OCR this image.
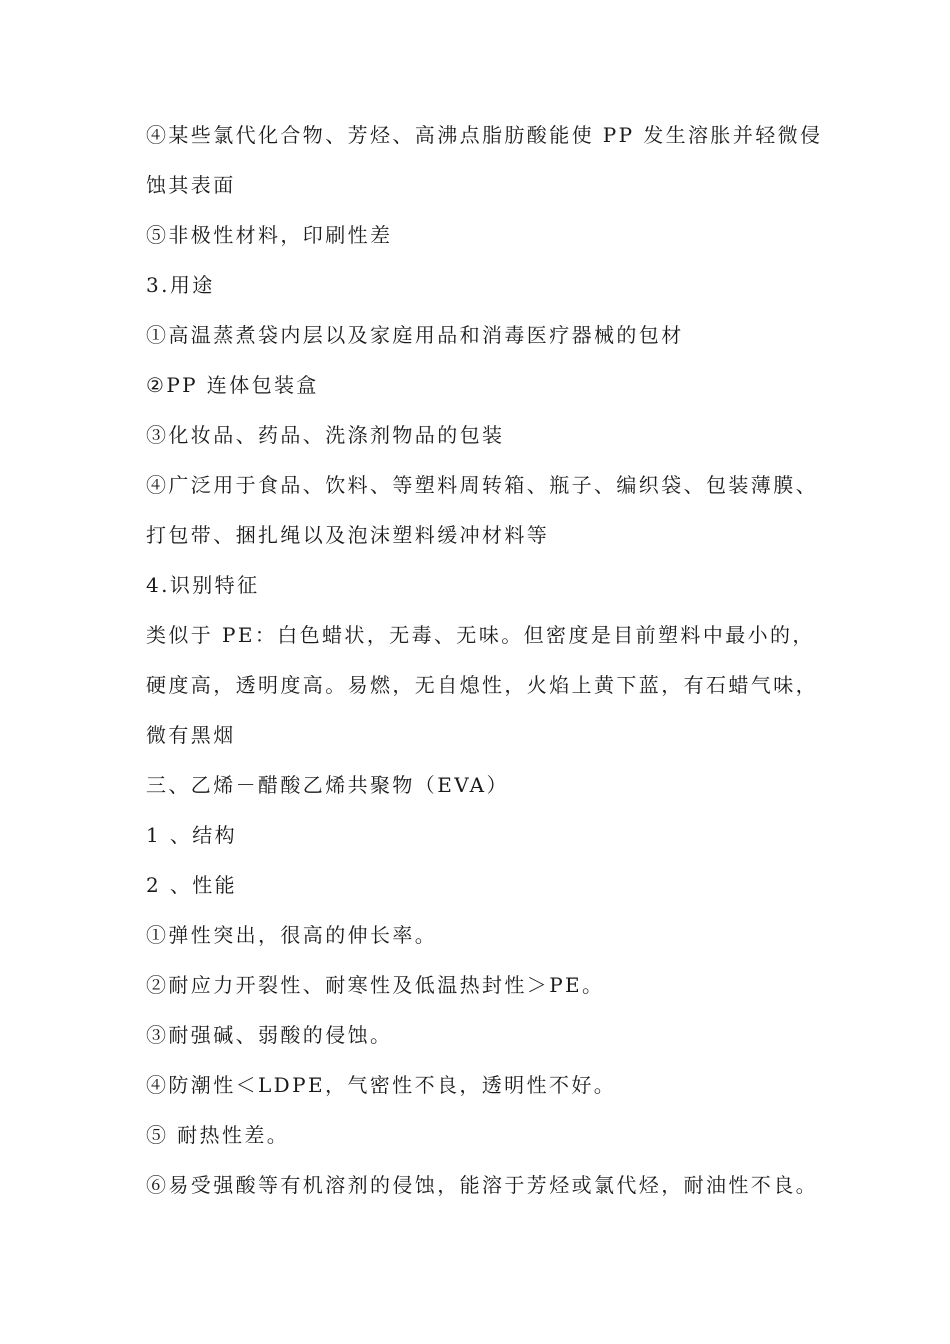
④某些氯代化合物、芳烃、高沸点脂肪酸能使 PP 发生溶胀并轻微侵
蚀其表面
⑤非极性材料，印刷性差
3.用途
①高温蒸煮袋内层以及家庭用品和消毒医疗器械的包材
②PP 连体包装盒
③化妆品、药品、洗涤剂物品的包装
④广泛用于食品、饮料、等塑料周转箱、瓶子、编织袋、包装薄膜、
打包带、捆扎绳以及泡沫塑料缓冲材料等
4.识别特征
类似于 PE：白色蜡状，无毒、无味。但密度是目前塑料中最小的，
硬度高，透明度高。易燃，无自熄性，火焰上黄下蓝，有石蜡气味，
微有黑烟
三、乙烯－醋酸乙烯共聚物（EVA）
1 、结构
2 、性能
①弹性突出，很高的伸长率。
②耐应力开裂性、耐寒性及低温热封性＞PE。
③耐强碱、弱酸的侵蚀。
④防潮性＜LDPE，气密性不良，透明性不好。
⑤ 耐热性差。
⑥易受强酸等有机溶剂的侵蚀，能溶于芳烃或氯代烃，耐油性不良。
